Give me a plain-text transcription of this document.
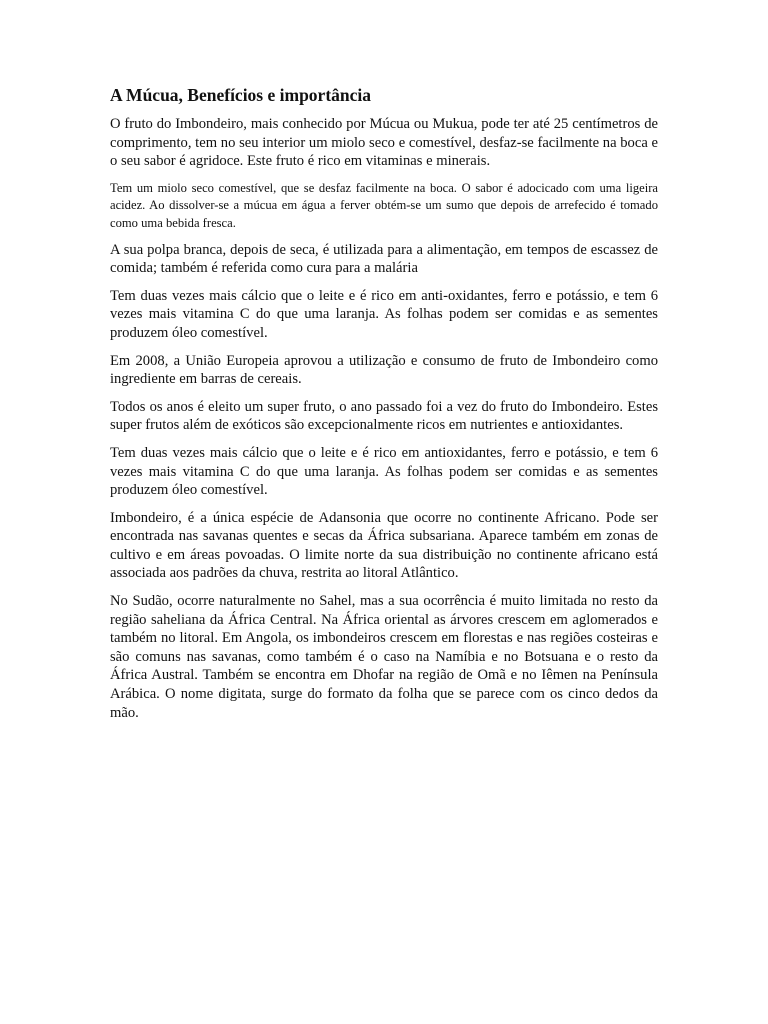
A Múcua, Benefícios e importância

O fruto do Imbondeiro, mais conhecido por Múcua ou Mukua, pode ter até 25 centímetros de comprimento, tem no seu interior um miolo seco e comestível, desfaz-se facilmente na boca e o seu sabor é agridoce. Este fruto é rico em vitaminas e minerais.

Tem um miolo seco comestível, que se desfaz facilmente na boca. O sabor é adocicado com uma ligeira acidez. Ao dissolver-se a múcua em água a ferver obtém-se um sumo que depois de arrefecido é tomado como uma bebida fresca.

A sua polpa branca, depois de seca, é utilizada para a alimentação, em tempos de escassez de comida; também é referida como cura para a malária

Tem duas vezes mais cálcio que o leite e é rico em anti-oxidantes, ferro e potássio, e tem 6 vezes mais vitamina C do que uma laranja. As folhas podem ser comidas e as sementes produzem óleo comestível.

Em 2008, a União Europeia aprovou a utilização e consumo de fruto de Imbondeiro como ingrediente em barras de cereais.

Todos os anos é eleito um super fruto, o ano passado foi a vez do fruto do Imbondeiro. Estes super frutos além de exóticos são excepcionalmente ricos em nutrientes e antioxidantes.

Tem duas vezes mais cálcio que o leite e é rico em antioxidantes, ferro e potássio, e tem 6 vezes mais vitamina C do que uma laranja. As folhas podem ser comidas e as sementes produzem óleo comestível.

Imbondeiro, é a única espécie de Adansonia que ocorre no continente Africano. Pode ser encontrada nas savanas quentes e secas da África subsariana. Aparece também em zonas de cultivo e em áreas povoadas. O limite norte da sua distribuição no continente africano está associada aos padrões da chuva, restrita ao litoral Atlântico.

No Sudão, ocorre naturalmente no Sahel, mas a sua ocorrência é muito limitada no resto da região saheliana da África Central. Na África oriental as árvores crescem em aglomerados e também no litoral. Em Angola, os imbondeiros crescem em florestas e nas regiões costeiras e são comuns nas savanas, como também é o caso na Namíbia e no Botsuana e o resto da África Austral. Também se encontra em Dhofar na região de Omã e no Iêmen na Península Arábica. O nome digitata, surge do formato da folha que se parece com os cinco dedos da mão.
